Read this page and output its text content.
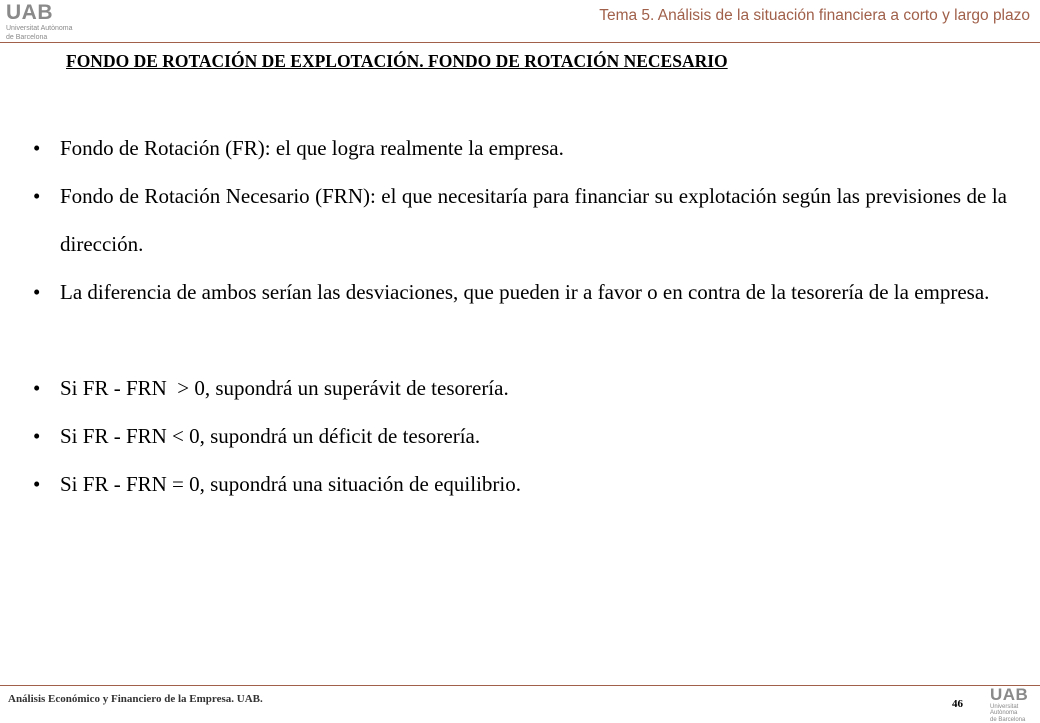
UAB
Universitat Autònoma
de Barcelona
Tema 5. Análisis de la situación financiera a corto y largo plazo
FONDO DE ROTACIÓN DE EXPLOTACIÓN. FONDO DE ROTACIÓN NECESARIO
• Fondo de Rotación (FR): el que logra realmente la empresa.
• Fondo de Rotación Necesario (FRN): el que necesitaría para financiar su explotación según las previsiones de la dirección.
• La diferencia de ambos serían las desviaciones, que pueden ir a favor o en contra de la tesorería de la empresa.
• Si FR - FRN  > 0, supondrá un superávit de tesorería.
• Si FR - FRN < 0, supondrá un déficit de tesorería.
• Si FR - FRN = 0, supondrá una situación de equilibrio.
Análisis Económico y Financiero de la Empresa. UAB.	46 UAB
Universitat Autònoma
de Barcelona
